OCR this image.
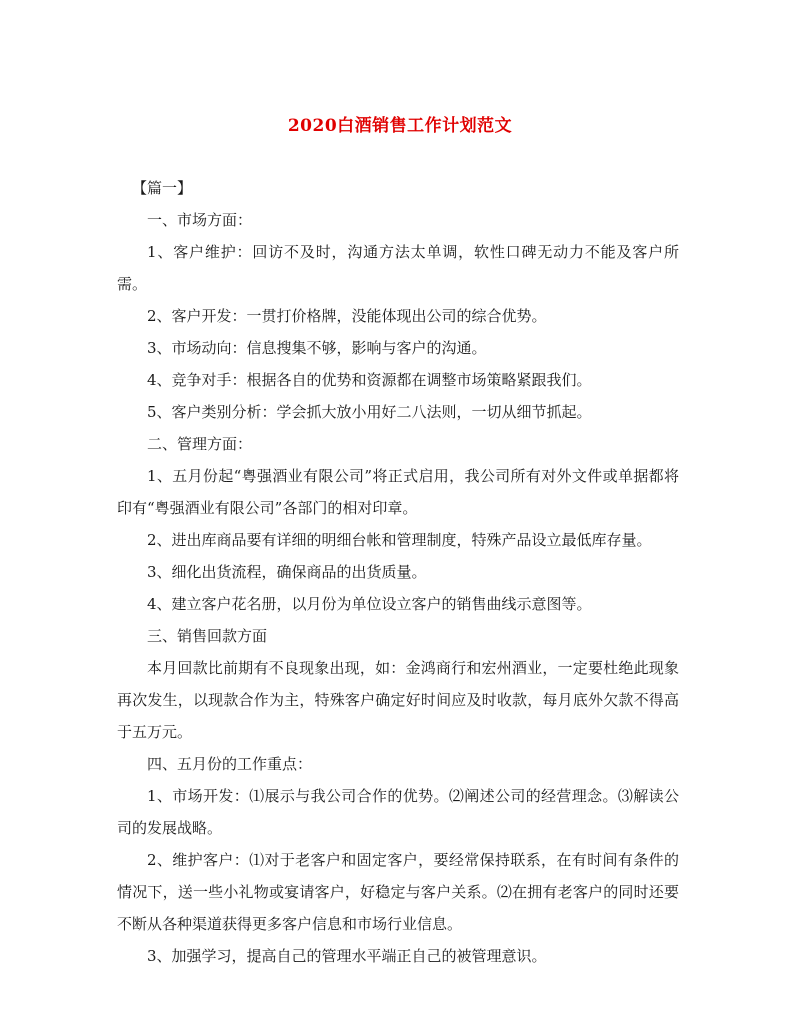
2020白酒销售工作计划范文

【篇一】

一、市场方面：

1、客户维护：回访不及时，沟通方法太单调，软性口碑无动力不能及客户所需。

2、客户开发：一贯打价格牌，没能体现出公司的综合优势。

3、市场动向：信息搜集不够，影响与客户的沟通。

4、竞争对手：根据各自的优势和资源都在调整市场策略紧跟我们。

5、客户类别分析：学会抓大放小用好二八法则，一切从细节抓起。

二、管理方面：

1、五月份起“粤强酒业有限公司”将正式启用，我公司所有对外文件或单据都将印有“粤强酒业有限公司”各部门的相对印章。

2、进出库商品要有详细的明细台帐和管理制度，特殊产品设立最低库存量。

3、细化出货流程，确保商品的出货质量。

4、建立客户花名册，以月份为单位设立客户的销售曲线示意图等。

三、销售回款方面

本月回款比前期有不良现象出现，如：金鸿商行和宏州酒业，一定要杜绝此现象再次发生，以现款合作为主，特殊客户确定好时间应及时收款，每月底外欠款不得高于五万元。

四、五月份的工作重点：

1、市场开发：⑴展示与我公司合作的优势。⑵阐述公司的经营理念。⑶解读公司的发展战略。

2、维护客户：⑴对于老客户和固定客户，要经常保持联系，在有时间有条件的情况下，送一些小礼物或宴请客户，好稳定与客户关系。⑵在拥有老客户的同时还要不断从各种渠道获得更多客户信息和市场行业信息。

3、加强学习，提高自己的管理水平端正自己的被管理意识。
